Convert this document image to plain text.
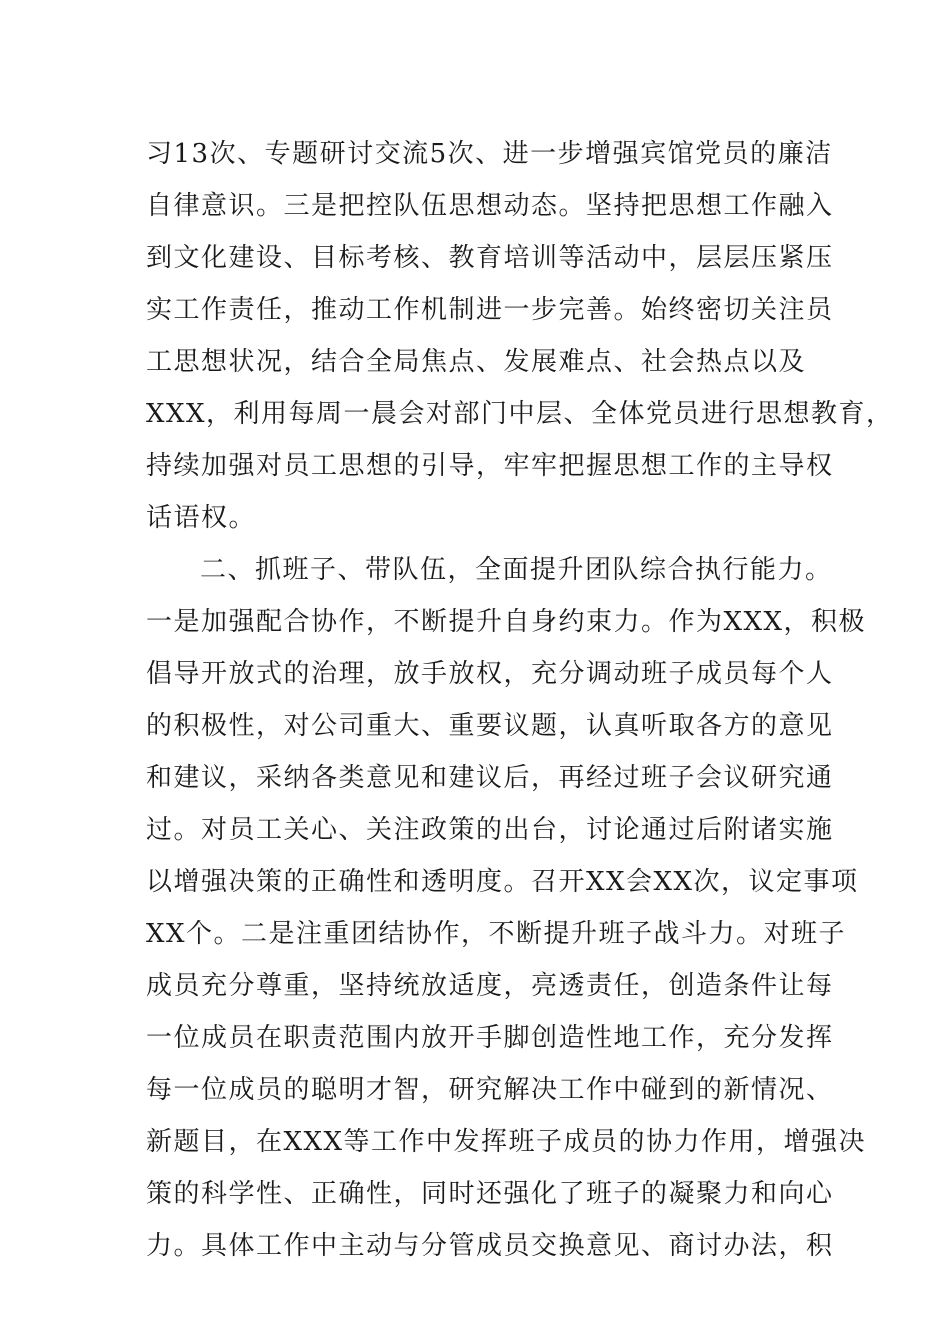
习13次、专题研讨交流5次、进一步增强宾馆党员的廉洁
自律意识。三是把控队伍思想动态。坚持把思想工作融入
到文化建设、目标考核、教育培训等活动中，层层压紧压
实工作责任，推动工作机制进一步完善。始终密切关注员
工思想状况，结合全局焦点、发展难点、社会热点以及
XXX，利用每周一晨会对部门中层、全体党员进行思想教育，
持续加强对员工思想的引导，牢牢把握思想工作的主导权
话语权。
二、抓班子、带队伍，全面提升团队综合执行能力。
一是加强配合协作，不断提升自身约束力。作为XXX，积极
倡导开放式的治理，放手放权，充分调动班子成员每个人
的积极性，对公司重大、重要议题，认真听取各方的意见
和建议，采纳各类意见和建议后，再经过班子会议研究通
过。对员工关心、关注政策的出台，讨论通过后附诸实施
以增强决策的正确性和透明度。召开XX会XX次，议定事项
XX个。二是注重团结协作，不断提升班子战斗力。对班子
成员充分尊重，坚持统放适度，亮透责任，创造条件让每
一位成员在职责范围内放开手脚创造性地工作，充分发挥
每一位成员的聪明才智，研究解决工作中碰到的新情况、
新题目，在XXX等工作中发挥班子成员的协力作用，增强决
策的科学性、正确性，同时还强化了班子的凝聚力和向心
力。具体工作中主动与分管成员交换意见、商讨办法，积
